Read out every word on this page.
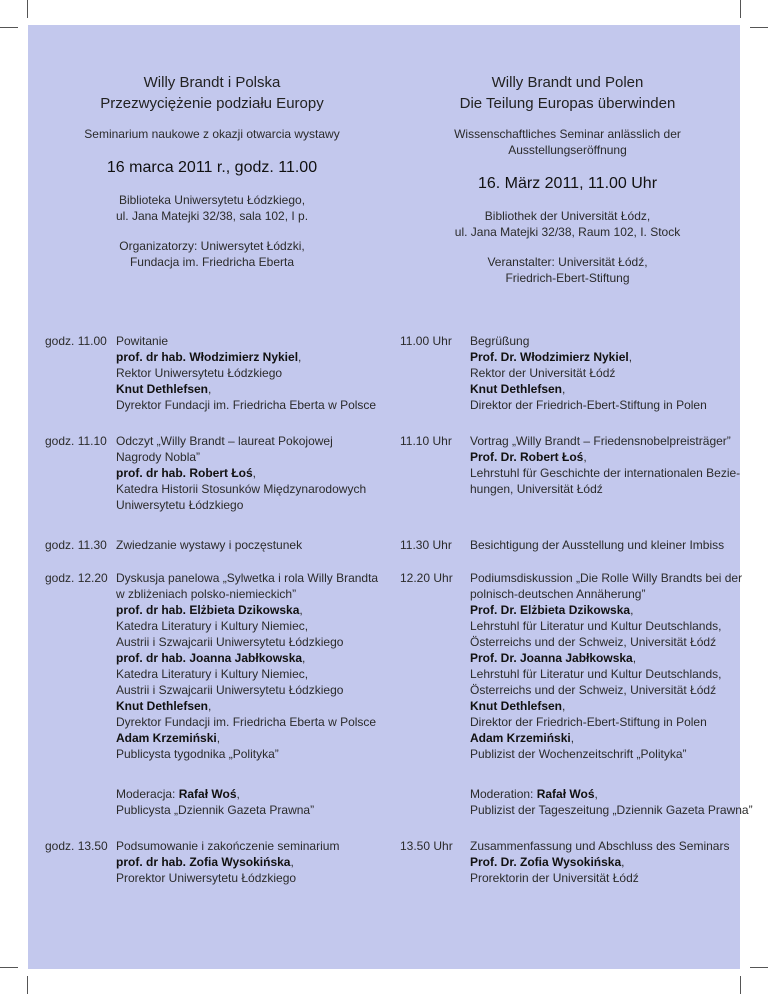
Willy Brandt i Polska
Przezwyciężenie podziału Europy
Seminarium naukowe z okazji otwarcia wystawy
16 marca 2011 r., godz. 11.00
Biblioteka Uniwersytetu Łódzkiego,
ul. Jana Matejki 32/38, sala 102, I p.
Organizatorzy: Uniwersytet Łódzki,
Fundacja im. Friedricha Eberta
Willy Brandt und Polen
Die Teilung Europas überwinden
Wissenschaftliches Seminar anlässlich der Ausstellungseröffnung
16. März 2011, 11.00 Uhr
Bibliothek der Universität Łódz,
ul. Jana Matejki 32/38, Raum 102, I. Stock
Veranstalter: Universität Łódź,
Friedrich-Ebert-Stiftung
godz. 11.00 Powitanie
prof. dr hab. Włodzimierz Nykiel,
Rektor Uniwersytetu Łódzkiego
Knut Dethlefsen,
Dyrektor Fundacji im. Friedricha Eberta w Polsce
godz. 11.10 Odczyt „Willy Brandt – laureat Pokojowej
Nagrody Nobla”
prof. dr hab. Robert Łoś,
Katedra Historii Stosunków Międzynarodowych
Uniwersytetu Łódzkiego
godz. 11.30 Zwiedzanie wystawy i poczęstunek
godz. 12.20 Dyskusja panelowa „Sylwetka i rola Willy Brandta
w zbliżeniach polsko-niemieckich”
prof. dr hab. Elżbieta Dzikowska,
Katedra Literatury i Kultury Niemiec,
Austrii i Szwajcarii Uniwersytetu Łódzkiego
prof. dr hab. Joanna Jabłkowska,
Katedra Literatury i Kultury Niemiec,
Austrii i Szwajcarii Uniwersytetu Łódzkiego
Knut Dethlefsen,
Dyrektor Fundacji im. Friedricha Eberta w Polsce
Adam Krzemiński,
Publicysta tygodnika „Polityka”
Moderacja: Rafał Woś,
Publicysta „Dziennik Gazeta Prawna”
godz. 13.50 Podsumowanie i zakończenie seminarium
prof. dr hab. Zofia Wysokińska,
Prorektor Uniwersytetu Łódzkiego
11.00 Uhr	Begrüßung
Prof. Dr. Włodzimierz Nykiel,
Rektor der Universität Łódź
Knut Dethlefsen,
Direktor der Friedrich-Ebert-Stiftung in Polen
11.10 Uhr	Vortrag „Willy Brandt – Friedensnobelpreisträger”
Prof. Dr. Robert Łoś,
Lehrstuhl für Geschichte der internationalen Bezie-
hungen, Universität Łódź
11.30 Uhr	Besichtigung der Ausstellung und kleiner Imbiss
12.20 Uhr	Podiumsdiskussion „Die Rolle Willy Brandts bei der
polnisch-deutschen Annäherung”
Prof. Dr. Elżbieta Dzikowska,
Lehrstuhl für Literatur und Kultur Deutschlands,
Österreichs und der Schweiz, Universität Łódź
Prof. Dr. Joanna Jabłkowska,
Lehrstuhl für Literatur und Kultur Deutschlands,
Österreichs und der Schweiz, Universität Łódź
Knut Dethlefsen,
Direktor der Friedrich-Ebert-Stiftung in Polen
Adam Krzemiński,
Publizist der Wochenzeitschrift „Polityka”
Moderation: Rafał Woś,
Publizist der Tageszeitung „Dziennik Gazeta Prawna”
13.50 Uhr	Zusammenfassung und Abschluss des Seminars
Prof. Dr. Zofia Wysokińska,
Prorektorin der Universität Łódź
